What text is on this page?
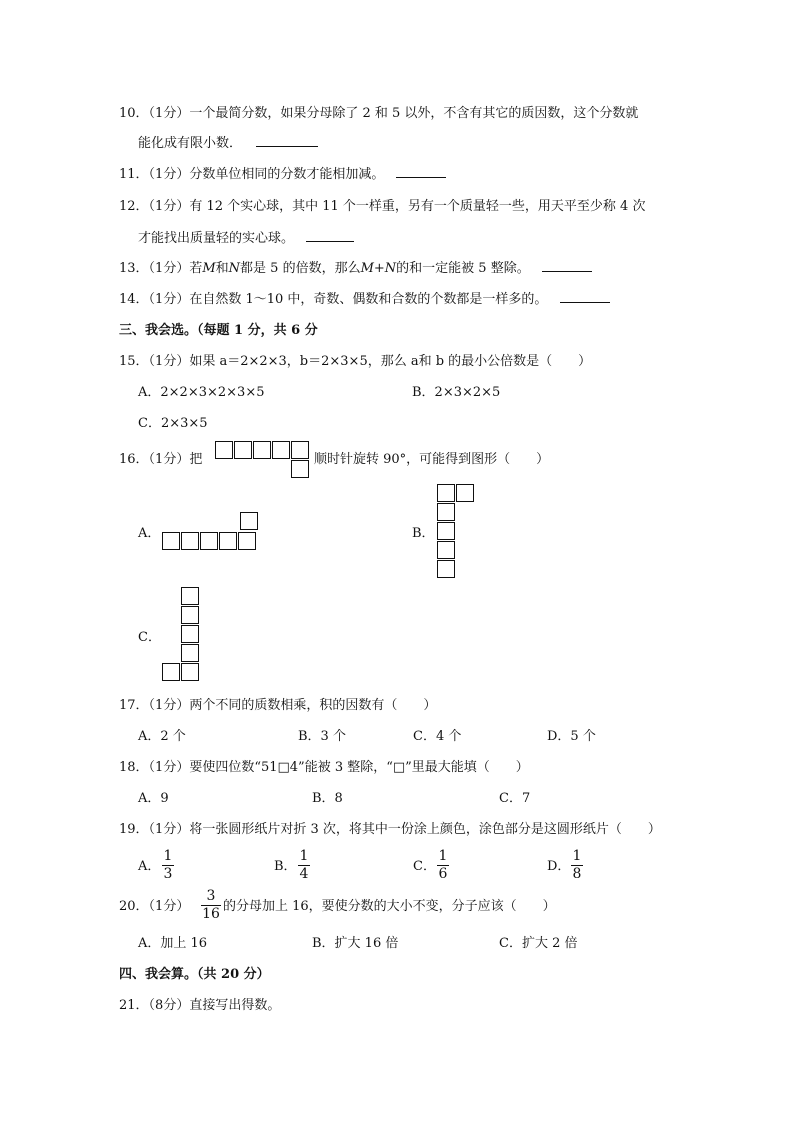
10．（1分）一个最简分数，如果分母除了 2 和 5 以外，不含有其它的质因数，这个分数就
能化成有限小数．
11．（1分）分数单位相同的分数才能相加减。
12．（1分）有 12 个实心球，其中 11 个一样重，另有一个质量轻一些，用天平至少称 4 次
才能找出质量轻的实心球。
13．（1分）若M和N都是 5 的倍数，那么M+N的和一定能被 5 整除。
14．（1分）在自然数 1～10 中，奇数、偶数和合数的个数都是一样多的。
三、我会选。（每题 1 分，共 6 分
15．（1分）如果 a＝2×2×3，b＝2×3×5，那么 a和 b 的最小公倍数是（　　）
A．2×2×3×2×3×5	B．2×3×2×5
C．2×3×5
16．（1分）把	顺时针旋转 90°，可能得到图形（　　）
A．	B．
C．
17．（1分）两个不同的质数相乘，积的因数有（　　）
A．2 个	B．3 个	C．4 个	D．5 个
18．（1分）要使四位数“51□4”能被 3 整除，“□”里最大能填（　　）
A．9	B．8	C．7
19．（1分）将一张圆形纸片对折 3 次，将其中一份涂上颜色，涂色部分是这圆形纸片（　　）
A．
1
3	B．
1
4	C．
1
6	D．
1
8
20．（1分）
3
16 的分母加上 16，要使分数的大小不变，分子应该（　　）
A．加上 16	B．扩大 16 倍	C．扩大 2 倍
四、我会算。（共 20 分）
21．（8分）直接写出得数。
